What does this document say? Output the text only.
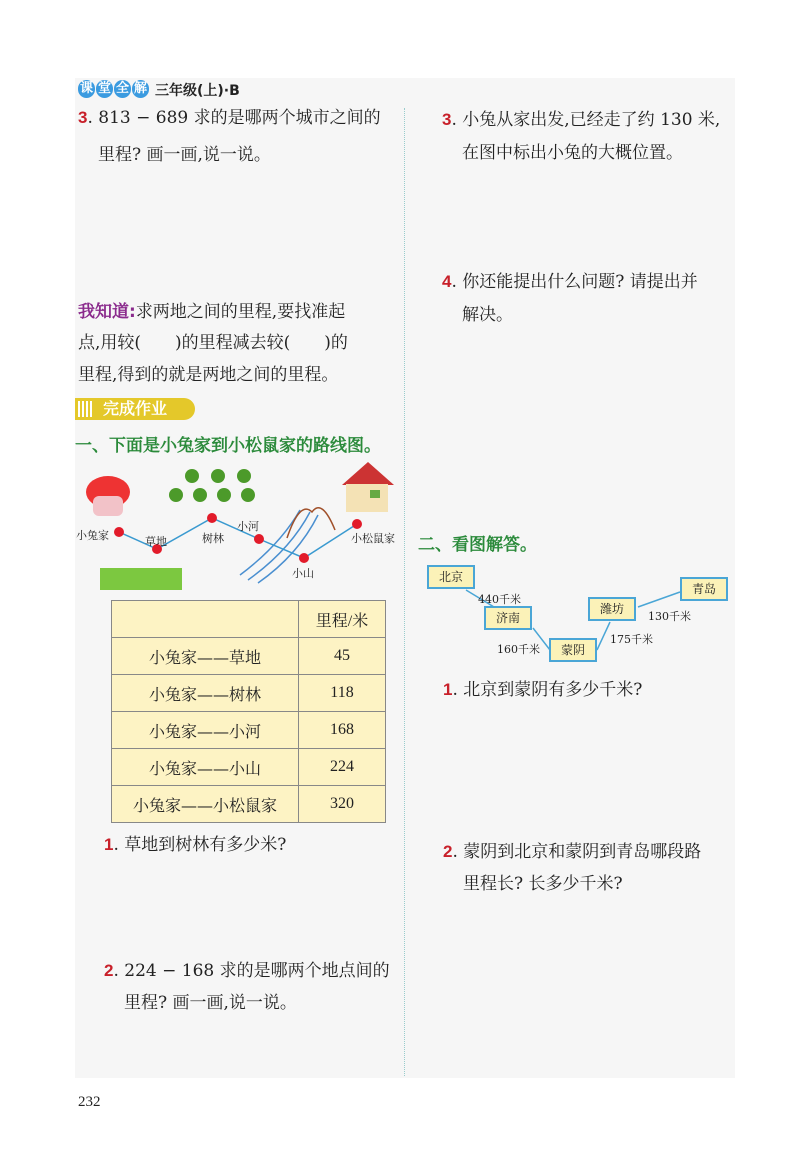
课 堂 全 解 三年级(上)·B
3. 813 − 689 求的是哪两个城市之间的
里程? 画一画,说一说。
我知道:求两地之间的里程,要找准起
点,用较(　　)的里程减去较(　　)的
里程,得到的就是两地之间的里程。
完成作业
一、下面是小兔家到小松鼠家的路线图。
小兔家	草地	树林
小河
小山
小松鼠家
	里程/米
小兔家——草地	45
小兔家——树林	118
小兔家——小河	168
小兔家——小山	224
小兔家——小松鼠家	320
1. 草地到树林有多少米?
2. 224 − 168 求的是哪两个地点间的
里程? 画一画,说一说。
3. 小兔从家出发,已经走了约 130 米,
在图中标出小兔的大概位置。
4. 你还能提出什么问题? 请提出并
解决。
二、看图解答。
北京
济南
蒙阴
潍坊
青岛
440千米
160千米
175千米
130千米
1. 北京到蒙阴有多少千米?
2. 蒙阴到北京和蒙阴到青岛哪段路
里程长? 长多少千米?
232
